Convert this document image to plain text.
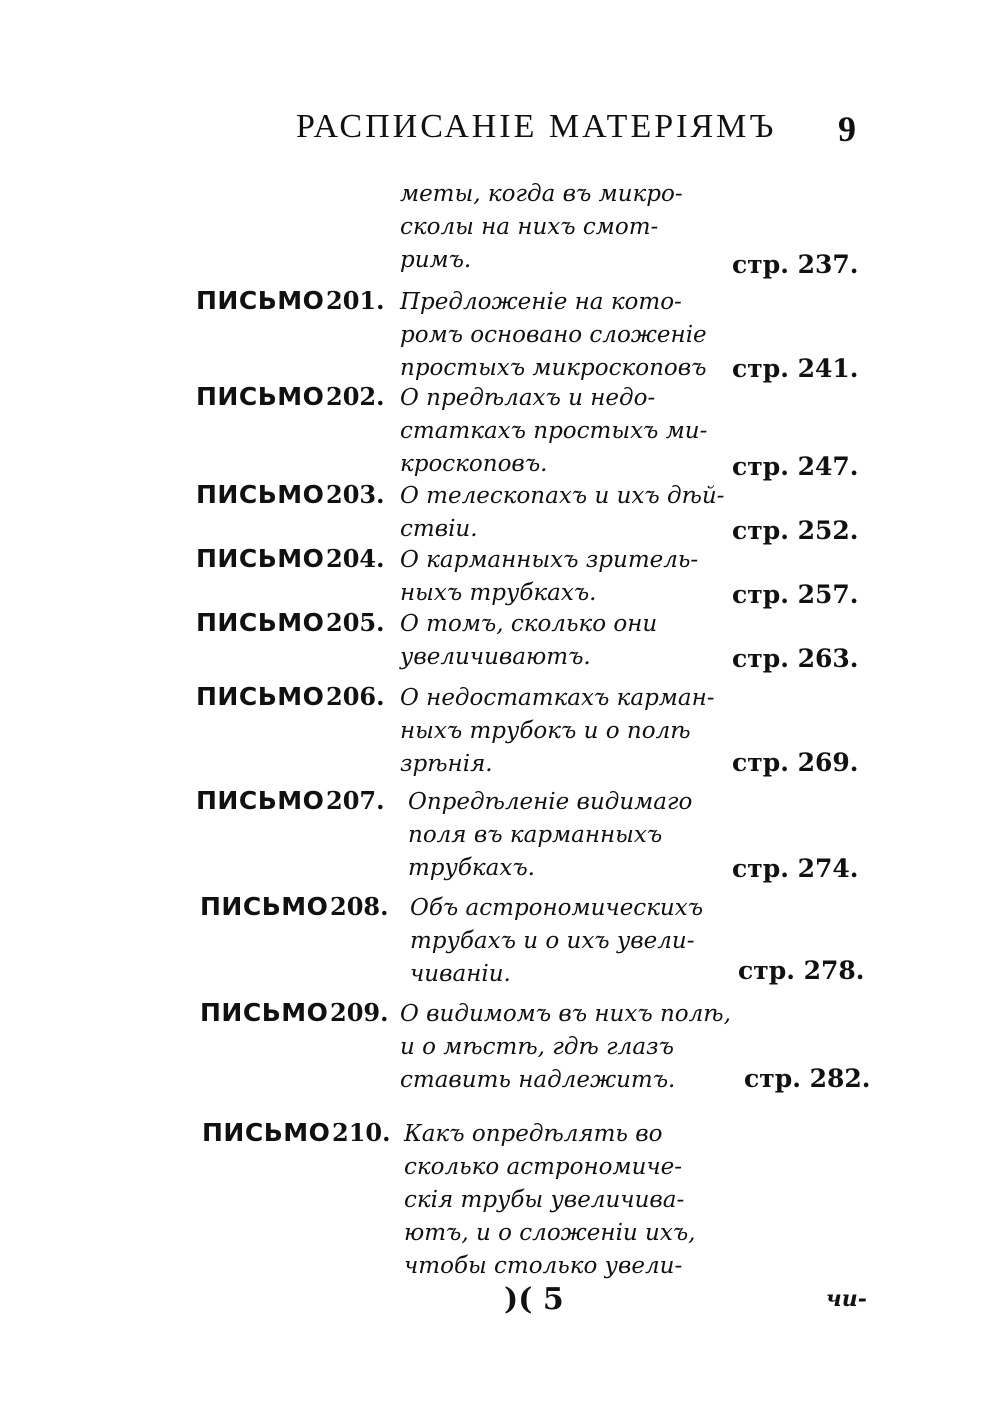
РАСПИСАНІЕ МАТЕРІЯМЪ 9
меты, когда въ микро-
сколы на нихъ смот-
римъ.	стр. 237.
ПИСЬМО 201. Предложеніе на кото-
ромъ основано сложеніе
простыхъ микроскоповъ	стр. 241.
ПИСЬМО 202. О предѣлахъ и недо-
статкахъ простыхъ ми-
кроскоповъ.	стр. 247.
ПИСЬМО 203. О телескопахъ и ихъ дѣй-
ствіи.	стр. 252.
ПИСЬМО 204. О карманныхъ зритель-
ныхъ трубкахъ.	стр. 257.
ПИСЬМО 205. О томъ, сколько они
увеличиваютъ.	стр. 263.
ПИСЬМО 206. О недостаткахъ карман-
ныхъ трубокъ и о полѣ
зрѣнія.	стр. 269.
ПИСЬМО 207. Опредѣленіе видимаго
поля въ карманныхъ
трубкахъ.	стр. 274.
ПИСЬМО 208. Объ астрономическихъ
трубахъ и о ихъ увели-
чиваніи.	стр. 278.
ПИСЬМО 209. О видимомъ въ нихъ полѣ,
и о мѣстѣ, гдѣ глазъ
ставить надлежитъ.	стр. 282.
ПИСЬМО 210. Какъ опредѣлять во
сколько астрономиче-
скія трубы увеличива-
ютъ, и о сложеніи ихъ,
чтобы столько увели-
)( 5	чи-
